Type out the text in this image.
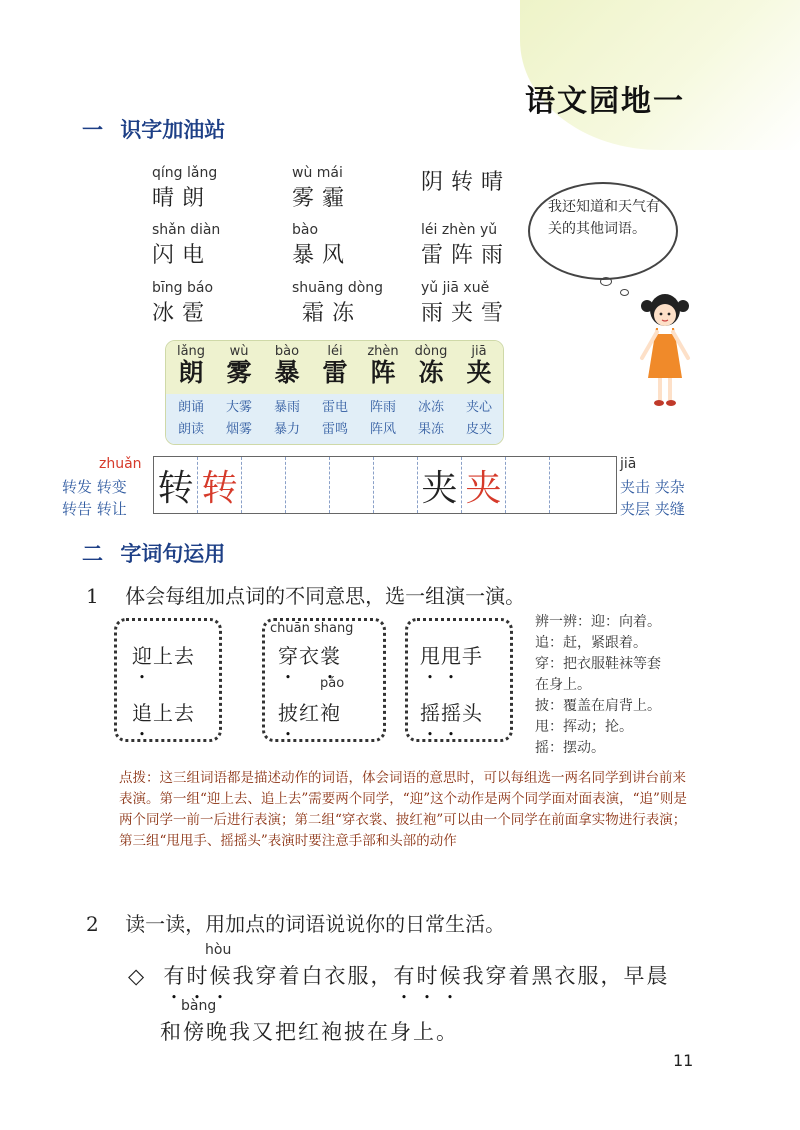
语文园地一
一 识字加油站
qíng lǎng
晴朗
wù mái
雾霾
阴转晴
shǎn diàn
闪电
bào
暴风
léi zhèn yǔ
雷阵雨
bīng báo
冰雹
shuāng dòng
霜冻
yǔ jiā xuě
雨夹雪
我还知道和天气有关的其他词语。
lǎng
朗
wù
雾
bào
暴
léi
雷
zhèn
阵
dòng
冻
jiā
夹
朗诵
朗读
大雾
烟雾
暴雨
暴力
雷电
雷鸣
阵雨
阵风
冰冻
果冻
夹心
皮夹
zhuǎn
转发 转变
转告 转让
转 转	夹 夹
jiā
夹击 夹杂
夹层 夹缝
二 字词句运用
1 体会每组加点词的不同意思，选一组演一演。
迎上去
追上去
chuān shang
穿衣裳
páo
披红袍
甩甩手
摇摇头
辨一辨：迎：向着。
追：赶，紧跟着。
穿：把衣服鞋袜等套
在身上。
披：覆盖在肩背上。
甩：挥动；抡。
摇：摆动。
点拨：这三组词语都是描述动作的词语，体会词语的意思时，可以每组选一两名同学到讲台前来表演。第一组“迎上去、追上去”需要两个同学，“迎”这个动作是两个同学面对面表演，“追”则是两个同学一前一后进行表演；第二组“穿衣裳、披红袍”可以由一个同学在前面拿实物进行表演；第三组“甩甩手、摇摇头”表演时要注意手部和头部的动作
2 读一读，用加点的词语说说你的日常生活。
hòu
◇  有时候我穿着白衣服，有时候我穿着黑衣服，早晨
bàng
和傍晚我又把红袍披在身上。
11
